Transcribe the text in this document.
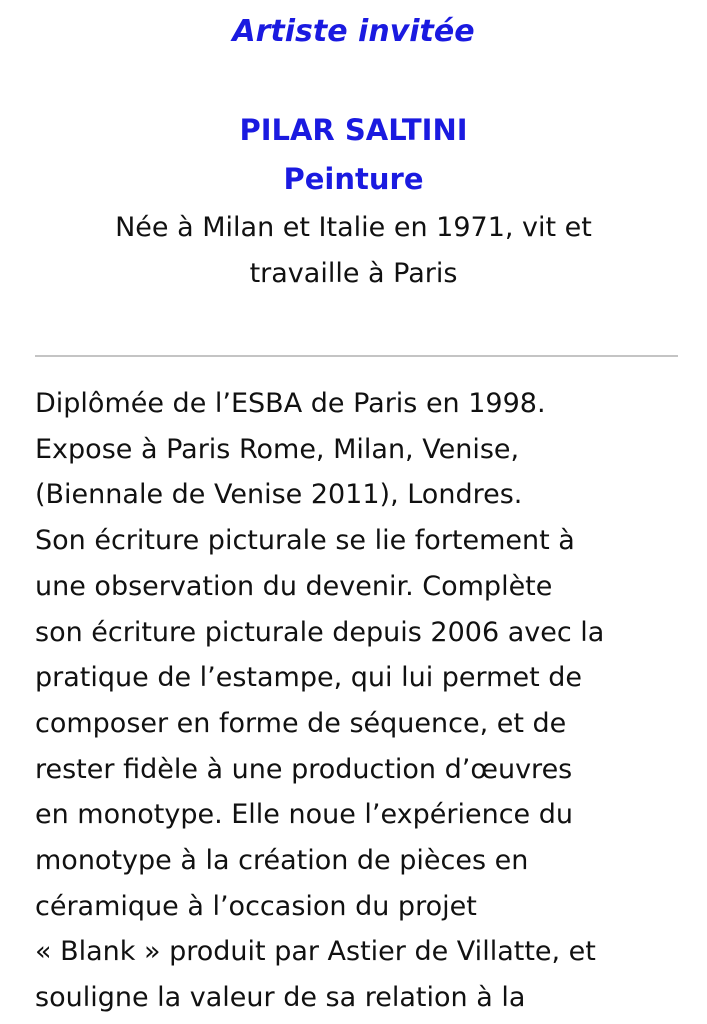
Artiste invitée
PILAR SALTINI
Peinture

Née à Milan et Italie en 1971, vit et travaille à Paris

Diplômée de l’ESBA de Paris en 1998.
Expose à Paris Rome, Milan, Venise,
(Biennale de Venise 2011), Londres.
Son écriture picturale se lie fortement à
une observation du devenir. Complète
son écriture picturale depuis 2006 avec la
pratique de l’estampe, qui lui permet de
composer en forme de séquence, et de
rester fidèle à une production d’œuvres
en monotype. Elle noue l’expérience du
monotype à la création de pièces en
céramique à l’occasion du projet
« Blank » produit par Astier de Villatte, et
souligne la valeur de sa relation à la
